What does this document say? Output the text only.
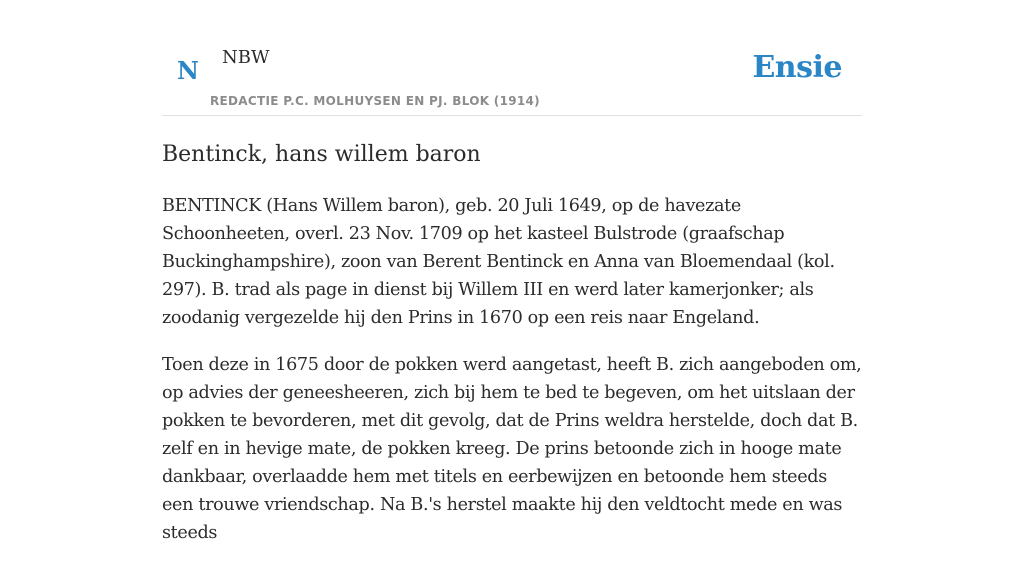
N NBW
REDACTIE P.C. MOLHUYSEN EN PJ. BLOK (1914)
Ensie
Bentinck, hans willem baron

BENTINCK (Hans Willem baron), geb. 20 Juli 1649, op de havezate Schoonheeten, overl. 23 Nov. 1709 op het kasteel Bulstrode (graafschap Buckinghampshire), zoon van Berent Bentinck en Anna van Bloemendaal (kol. 297). B. trad als page in dienst bij Willem III en werd later kamerjonker; als zoodanig vergezelde hij den Prins in 1670 op een reis naar Engeland.

Toen deze in 1675 door de pokken werd aangetast, heeft B. zich aangeboden om, op advies der geneesheeren, zich bij hem te bed te begeven, om het uitslaan der pokken te bevorderen, met dit gevolg, dat de Prins weldra herstelde, doch dat B. zelf en in hevige mate, de pokken kreeg. De prins betoonde zich in hooge mate dankbaar, overlaadde hem met titels en eerbewijzen en betoonde hem steeds een trouwe vriendschap. Na B.'s herstel maakte hij den veldtocht mede en was steeds
